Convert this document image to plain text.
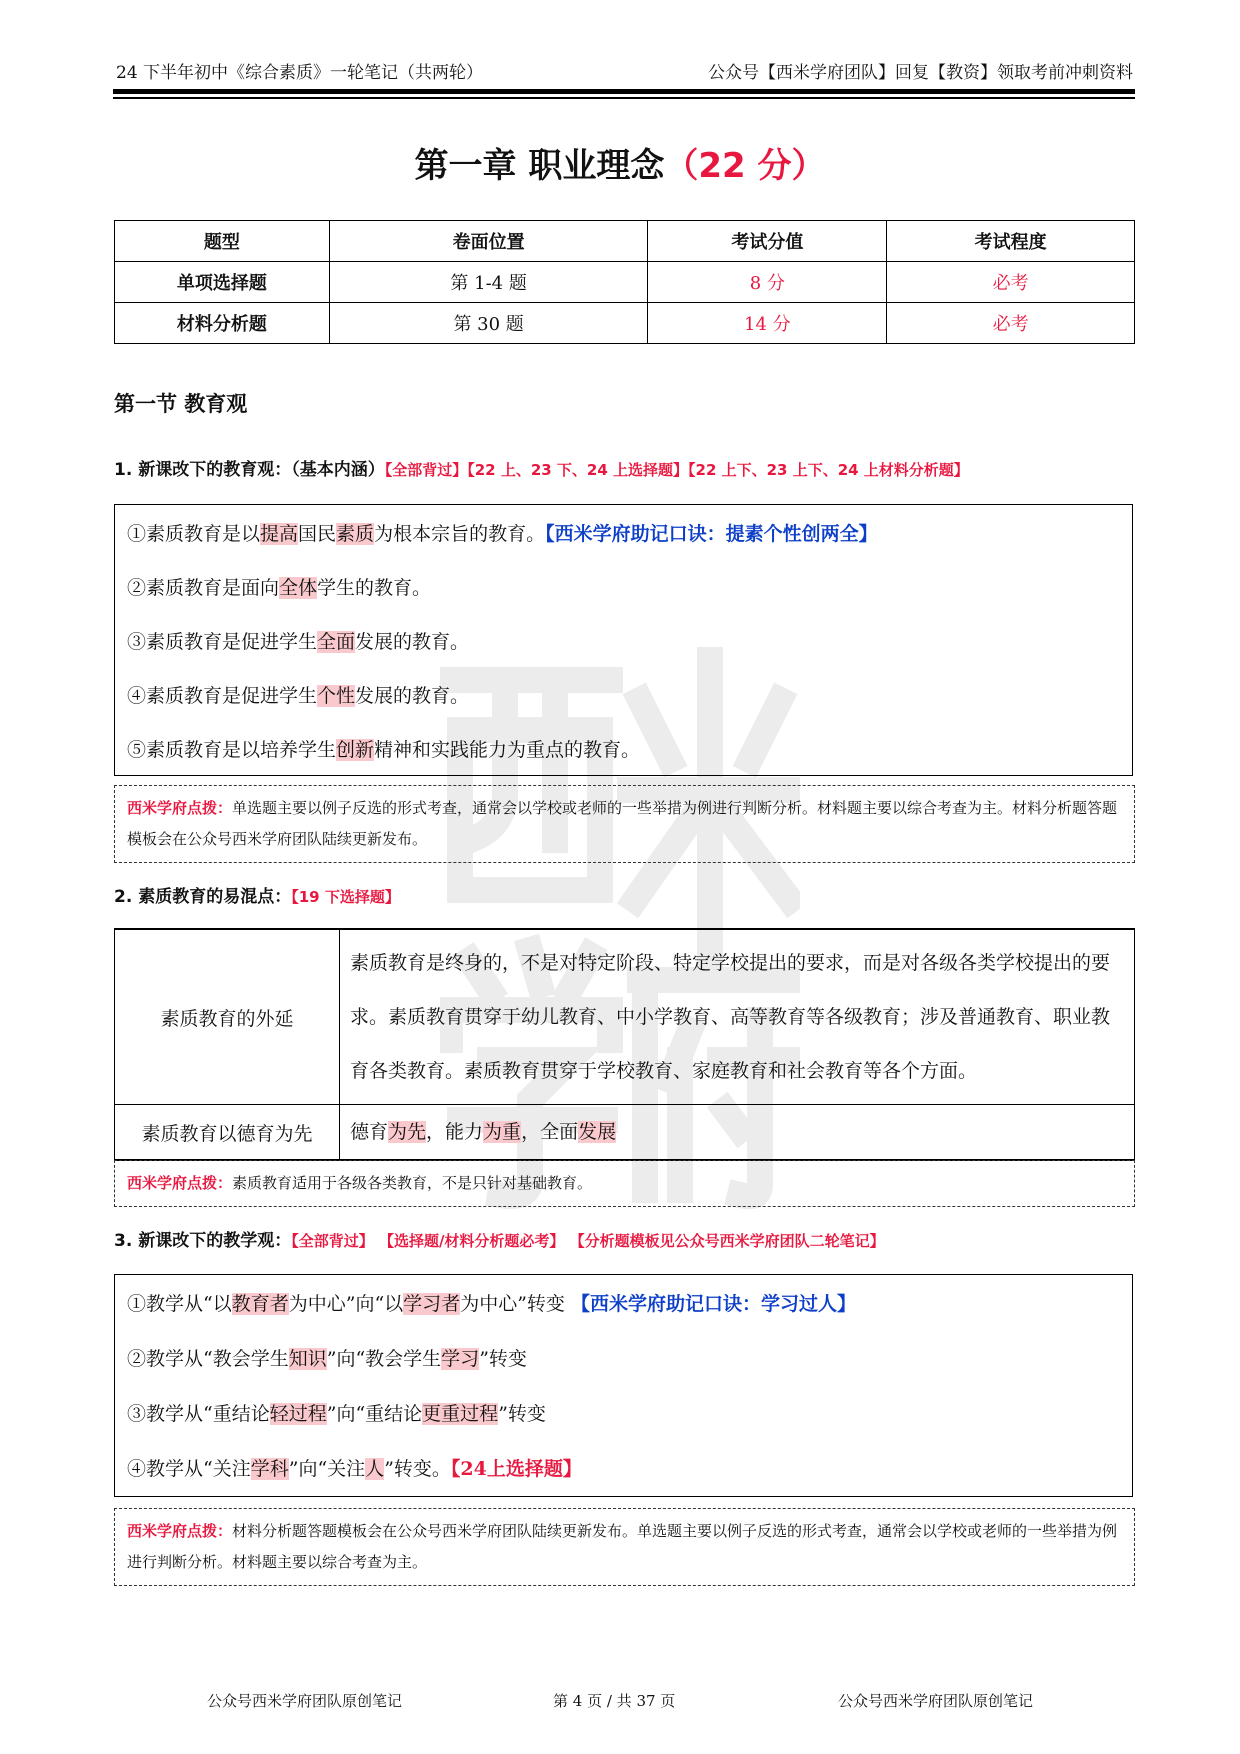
24 下半年初中《综合素质》一轮笔记（共两轮）	公众号【西米学府团队】回复【教资】领取考前冲刺资料
第一章 职业理念（22 分）
题型	卷面位置	考试分值	考试程度
单项选择题	第 1-4 题	8 分	必考
材料分析题	第 30 题	14 分	必考
第一节 教育观
1. 新课改下的教育观：（基本内涵）【全部背过】【22 上、23 下、24 上选择题】【22 上下、23 上下、24 上材料分析题】
①素质教育是以提高国民素质为根本宗旨的教育。【西米学府助记口诀：提素个性创两全】
②素质教育是面向全体学生的教育。
③素质教育是促进学生全面发展的教育。
④素质教育是促进学生个性发展的教育。
⑤素质教育是以培养学生创新精神和实践能力为重点的教育。
西米学府点拨：单选题主要以例子反选的形式考查，通常会以学校或老师的一些举措为例进行判断分析。材料题主要以综合考查为主。材料分析题答题模板会在公众号西米学府团队陆续更新发布。
2. 素质教育的易混点：【19 下选择题】
素质教育的外延	素质教育是终身的，不是对特定阶段、特定学校提出的要求，而是对各级各类学校提出的要求。素质教育贯穿于幼儿教育、中小学教育、高等教育等各级教育；涉及普通教育、职业教育各类教育。素质教育贯穿于学校教育、家庭教育和社会教育等各个方面。
素质教育以德育为先	德育为先，能力为重，全面发展
西米学府点拨：素质教育适用于各级各类教育，不是只针对基础教育。
3. 新课改下的教学观：【全部背过】 【选择题/材料分析题必考】 【分析题模板见公众号西米学府团队二轮笔记】
①教学从“以教育者为中心”向“以学习者为中心”转变 【西米学府助记口诀：学习过人】
②教学从“教会学生知识”向“教会学生学习”转变
③教学从“重结论轻过程”向“重结论更重过程”转变
④教学从“关注学科”向“关注人”转变。【24上选择题】
西米学府点拨：材料分析题答题模板会在公众号西米学府团队陆续更新发布。单选题主要以例子反选的形式考查，通常会以学校或老师的一些举措为例进行判断分析。材料题主要以综合考查为主。
公众号西米学府团队原创笔记	第 4 页 / 共 37 页	公众号西米学府团队原创笔记
